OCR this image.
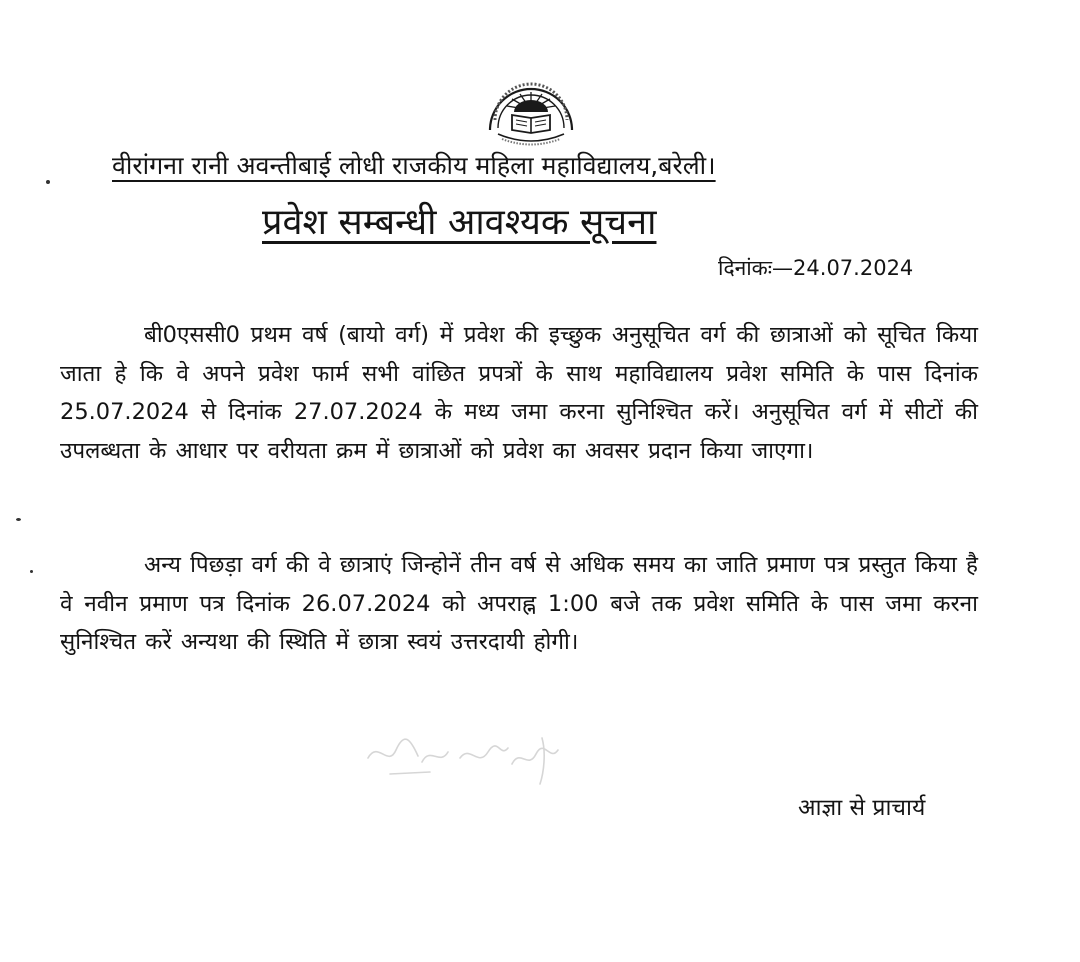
वीरांगना रानी अवन्तीबाई लोधी राजकीय महिला महाविद्यालय,बरेली।
प्रवेश सम्बन्धी आवश्यक सूचना
दिनांकः—24.07.2024

बी0एससी0 प्रथम वर्ष (बायो वर्ग) में प्रवेश की इच्छुक अनुसूचित वर्ग की छात्राओं को सूचित किया जाता हे कि वे अपने प्रवेश फार्म सभी वांछित प्रपत्रों के साथ महाविद्यालय प्रवेश समिति के पास दिनांक 25.07.2024 से दिनांक 27.07.2024 के मध्य जमा करना सुनिश्चित करें। अनुसूचित वर्ग में सीटों की उपलब्धता के आधार पर वरीयता क्रम में छात्राओं को प्रवेश का अवसर प्रदान किया जाएगा।

अन्य पिछड़ा वर्ग की वे छात्राएं जिन्होनें तीन वर्ष से अधिक समय का जाति प्रमाण पत्र प्रस्तुत किया है वे नवीन प्रमाण पत्र दिनांक 26.07.2024 को अपराह्न 1:00 बजे तक प्रवेश समिति के पास जमा करना सुनिश्चित करें अन्यथा की स्थिति में छात्रा स्वयं उत्तरदायी होगी।

आज्ञा से प्राचार्य
